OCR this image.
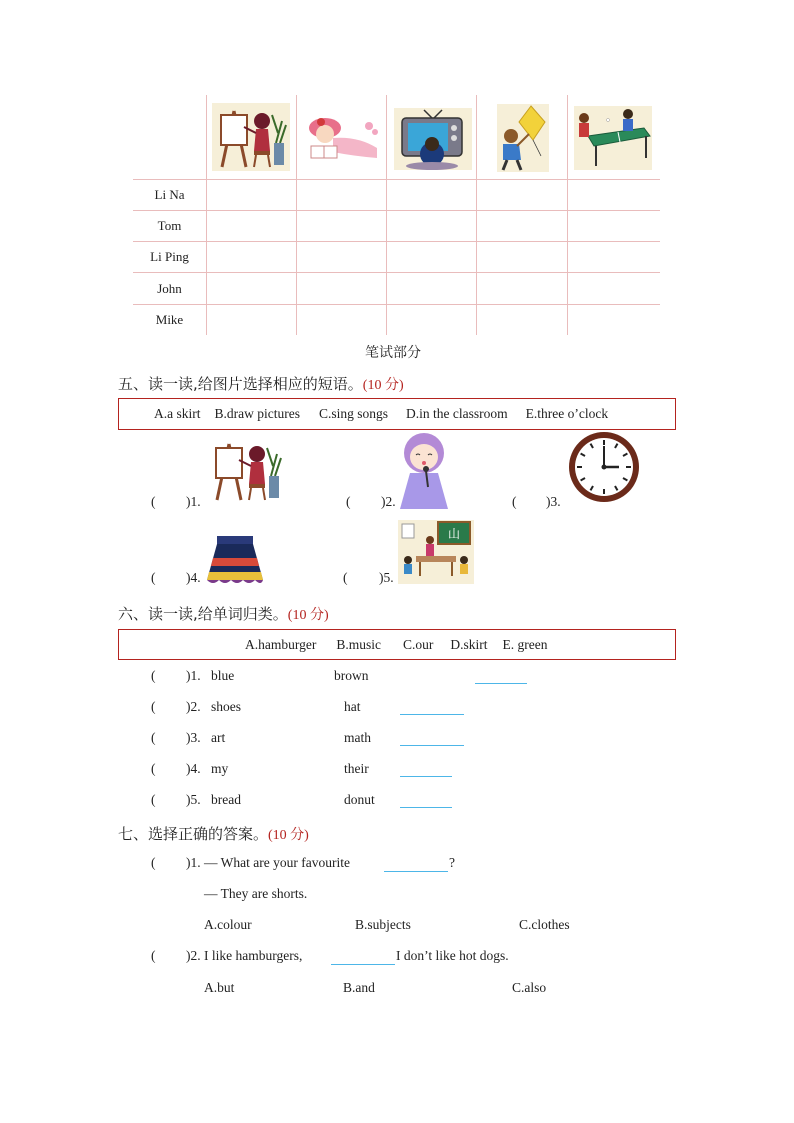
Li Na
Tom
Li Ping
John
Mike
笔试部分
五、读一读,给图片选择相应的短语。(10 分)
A.a skirt B.draw pictures C.sing songs D.in the classroom E.three o’clock
( )1.	( )2.	( )3.
( )4.	( )5.
山
六、读一读,给单词归类。(10 分)
A.hamburger B.music C.our D.skirt E. green
( )1. blue	brown
( )2. shoes	hat
( )3. art	math
( )4. my	their
( )5. bread	donut
七、选择正确的答案。(10 分)
( )1. — What are your favourite	?
— They are shorts.
A.colour	B.subjects	C.clothes
( )2. I like hamburgers,	I don’t like hot dogs.
A.but	B.and	C.also
